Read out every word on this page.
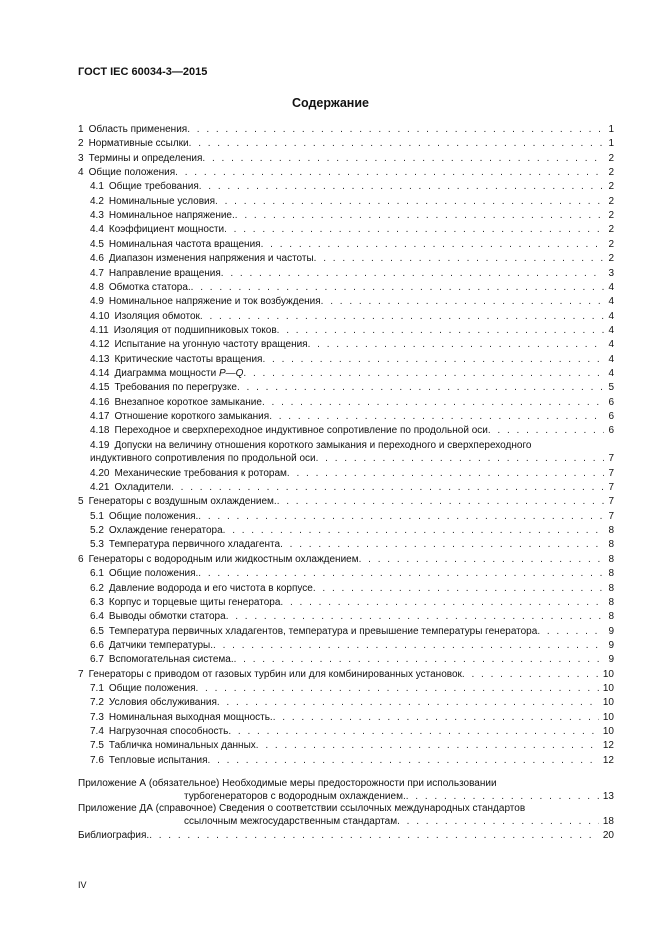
ГОСТ IEC 60034-3—2015
Содержание
1 Область применения . . .	1
2 Нормативные ссылки . . .	1
3 Термины и определения . . .	2
4 Общие положения . . .	2
4.1 Общие требования . . .	2
4.2 Номинальные условия . . .	2
4.3 Номинальное напряжение. . . .	2
4.4 Коэффициент мощности . . .	2
4.5 Номинальная частота вращения . . .	2
4.6 Диапазон изменения напряжения и частоты . . .	2
4.7 Направление вращения . . .	3
4.8 Обмотка статора. . . .	4
4.9 Номинальное напряжение и ток возбуждения . . .	4
4.10 Изоляция обмоток . . .	4
4.11 Изоляция от подшипниковых токов . . .	4
4.12 Испытание на угонную частоту вращения . . .	4
4.13 Критические частоты вращения . . .	4
4.14 Диаграмма мощности P—Q . . .	4
4.15 Требования по перегрузке . . .	5
4.16 Внезапное короткое замыкание . . .	6
4.17 Отношение короткого замыкания . . .	6
4.18 Переходное и сверхпереходное индуктивное сопротивление по продольной оси . . .	6
4.19 Допуски на величину отношения короткого замыкания и переходного и сверхпереходного
индуктивного сопротивления по продольной оси . . .	7
4.20 Механические требования к роторам . . .	7
4.21 Охладители . . .	7
5 Генераторы с воздушным охлаждением. . . .	7
5.1 Общие положения. . . .	7
5.2 Охлаждение генератора . . .	8
5.3 Температура первичного хладагента . . .	8
6 Генераторы с водородным или жидкостным охлаждением . . .	8
6.1 Общие положения. . . .	8
6.2 Давление водорода и его чистота в корпусе . . .	8
6.3 Корпус и торцевые щиты генератора . . .	8
6.4 Выводы обмотки статора . . .	8
6.5 Температура первичных хладагентов, температура и превышение температуры генератора . . .	9
6.6 Датчики температуры. . . .	9
6.7 Вспомогательная система. . . .	9
7 Генераторы с приводом от газовых турбин или для комбинированных установок . . .	10
7.1 Общие положения . . .	10
7.2 Условия обслуживания . . .	10
7.3 Номинальная выходная мощность. . . .	10
7.4 Нагрузочная способность . . .	10
7.5 Табличка номинальных данных . . .	12
7.6 Тепловые испытания . . .	12
Приложение А (обязательное) Необходимые меры предосторожности при использовании
турбогенераторов с водородным охлаждением. . . .	13
Приложение ДА (справочное) Сведения о соответствии ссылочных международных стандартов
ссылочным межгосударственным стандартам . . .	18
Библиография. . . .	20
IV
